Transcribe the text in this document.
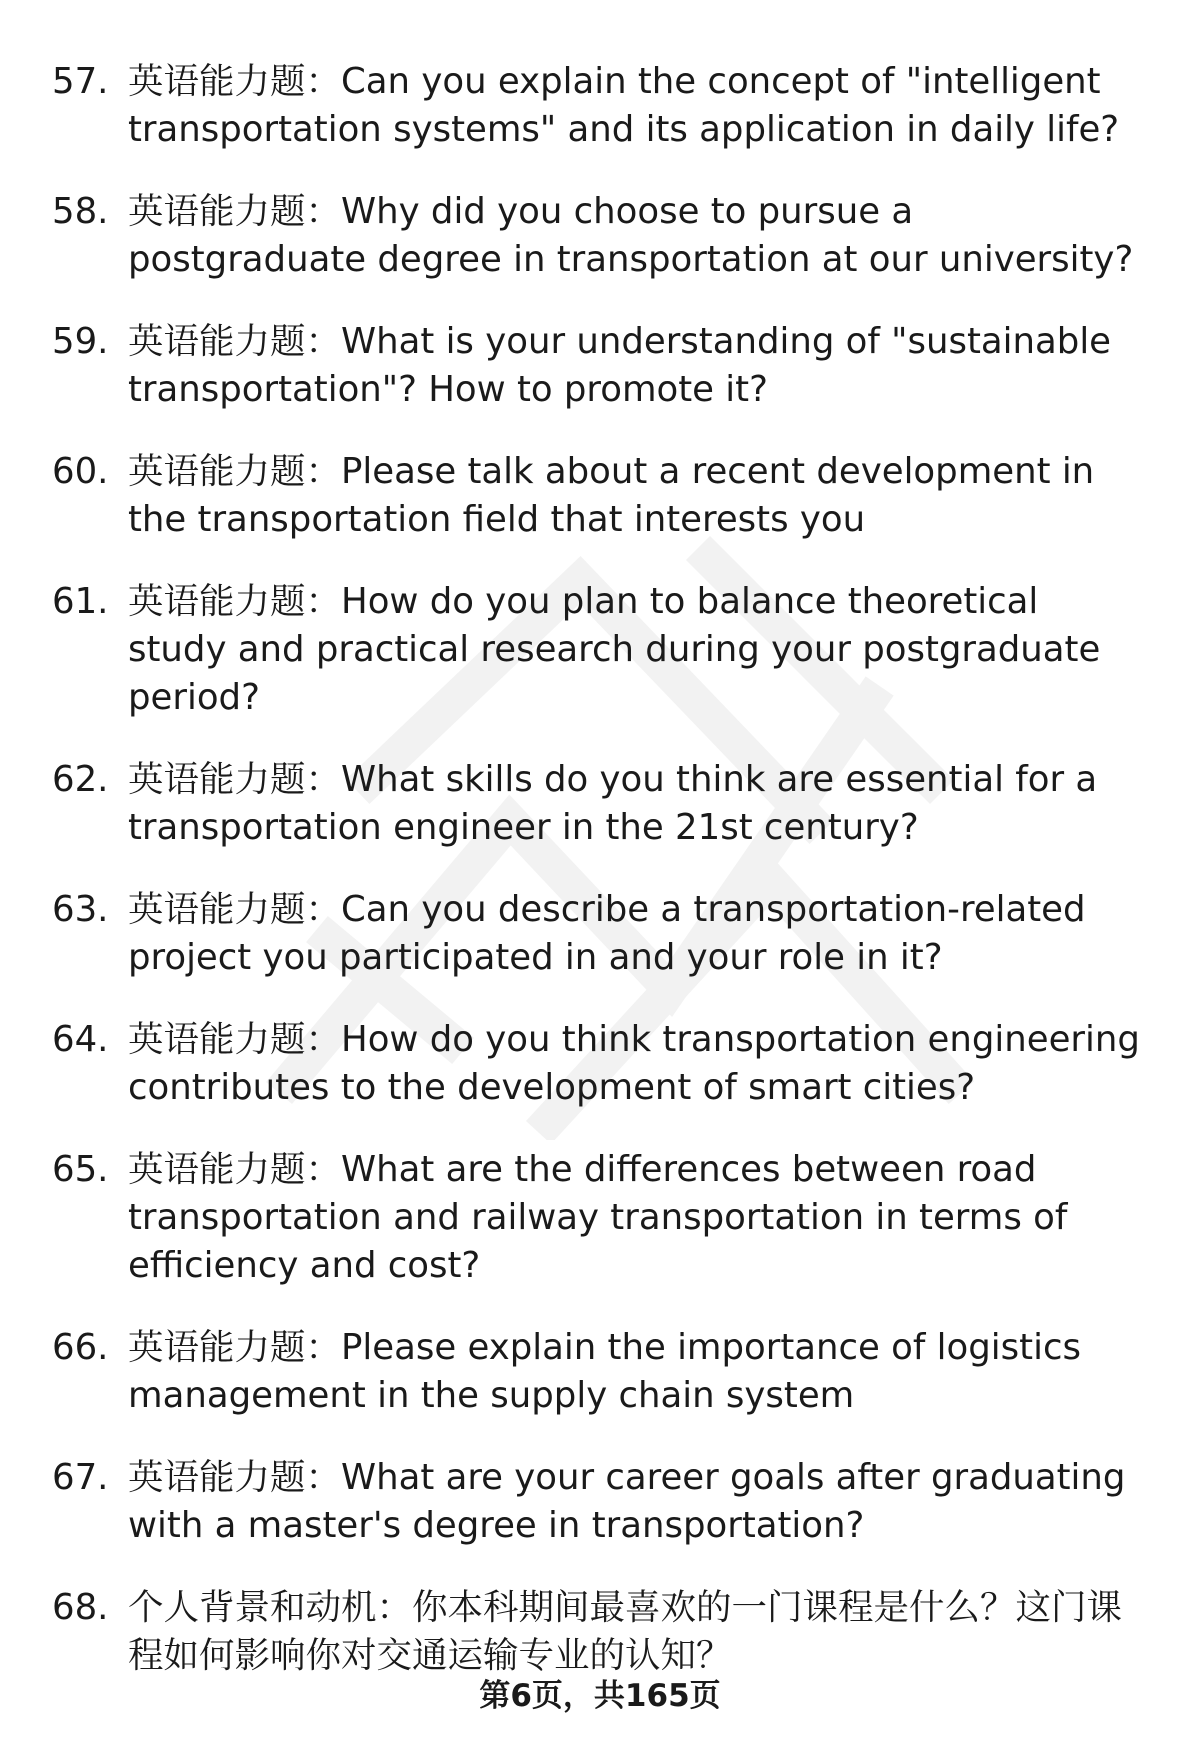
57. 英语能力题：Can you explain the concept of "intelligent transportation systems" and its application in daily life?
58. 英语能力题：Why did you choose to pursue a postgraduate degree in transportation at our university?
59. 英语能力题：What is your understanding of "sustainable transportation"? How to promote it?
60. 英语能力题：Please talk about a recent development in the transportation field that interests you
61. 英语能力题：How do you plan to balance theoretical study and practical research during your postgraduate period?
62. 英语能力题：What skills do you think are essential for a transportation engineer in the 21st century?
63. 英语能力题：Can you describe a transportation-related project you participated in and your role in it?
64. 英语能力题：How do you think transportation engineering contributes to the development of smart cities?
65. 英语能力题：What are the differences between road transportation and railway transportation in terms of efficiency and cost?
66. 英语能力题：Please explain the importance of logistics management in the supply chain system
67. 英语能力题：What are your career goals after graduating with a master's degree in transportation?
68. 个人背景和动机：你本科期间最喜欢的一门课程是什么？这门课程如何影响你对交通运输专业的认知？
第6页，共165页
